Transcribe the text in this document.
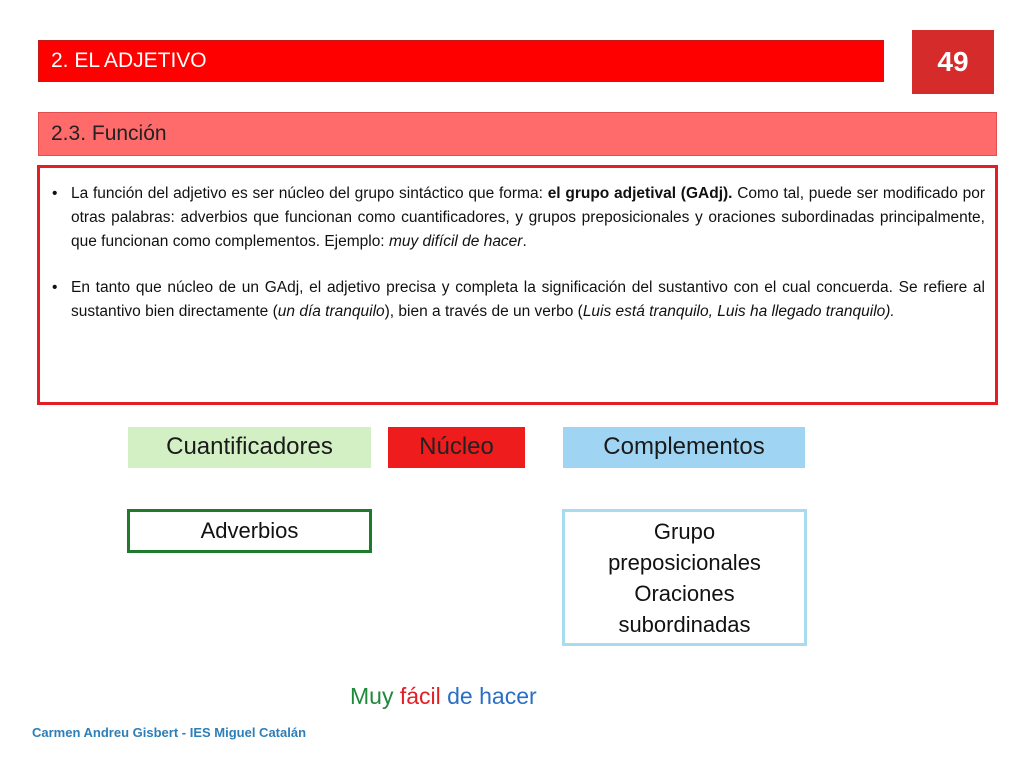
2. EL ADJETIVO	49
2.3. Función
• La función del adjetivo es ser núcleo del grupo sintáctico que forma: el grupo adjetival (GAdj). Como tal, puede ser modificado por otras palabras: adverbios que funcionan como cuantificadores, y grupos preposicionales y oraciones subordinadas principalmente, que funcionan como complementos. Ejemplo: muy difícil de hacer.
• En tanto que núcleo de un GAdj, el adjetivo precisa y completa la significación del sustantivo con el cual concuerda. Se refiere al sustantivo bien directamente (un día tranquilo), bien a través de un verbo (Luis está tranquilo, Luis ha llegado tranquilo).
Cuantificadores	Núcleo	Complementos
Adverbios	Grupo
preposicionales
Oraciones
subordinadas
Muy fácil de hacer
Carmen Andreu Gisbert - IES Miguel Catalán
